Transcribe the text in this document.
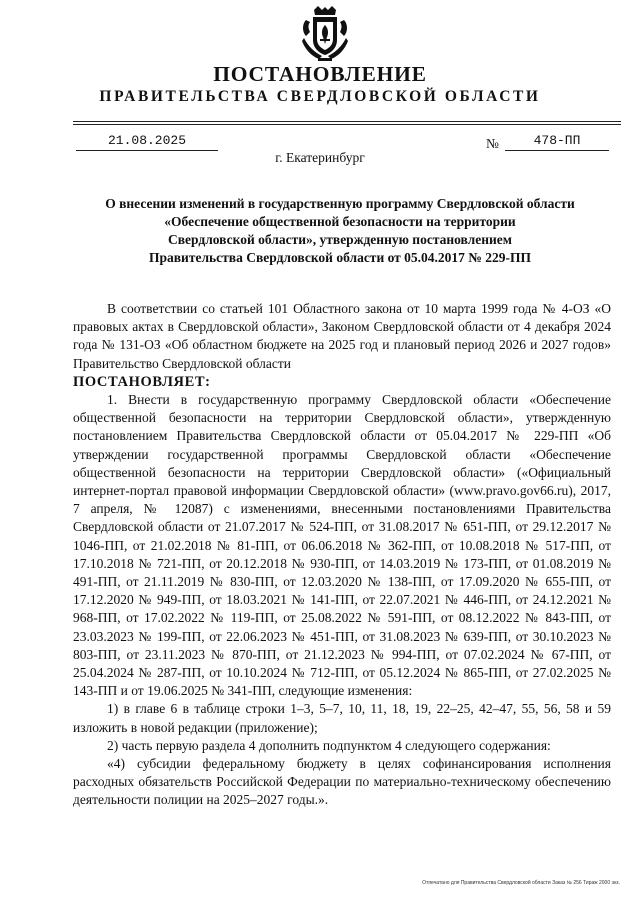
ПОСТАНОВЛЕНИЕ
ПРАВИТЕЛЬСТВА СВЕРДЛОВСКОЙ ОБЛАСТИ
21.08.2025	№	478-ПП
г. Екатеринбург
О внесении изменений в государственную программу Свердловской области
«Обеспечение общественной безопасности на территории
Свердловской области», утвержденную постановлением
Правительства Свердловской области от 05.04.2017 № 229-ПП

В соответствии со статьей 101 Областного закона от 10 марта 1999 года № 4-ОЗ «О правовых актах в Свердловской области», Законом Свердловской области от 4 декабря 2024 года № 131-ОЗ «Об областном бюджете на 2025 год и плановый период 2026 и 2027 годов» Правительство Свердловской области

ПОСТАНОВЛЯЕТ:

1. Внести в государственную программу Свердловской области «Обеспечение общественной безопасности на территории Свердловской области», утвержденную постановлением Правительства Свердловской области от 05.04.2017 № 229-ПП «Об утверждении государственной программы Свердловской области «Обеспечение общественной безопасности на территории Свердловской области» («Официальный интернет-портал правовой информации Свердловской области» (www.pravo.gov66.ru), 2017, 7 апреля, № 12087) с изменениями, внесенными постановлениями Правительства Свердловской области от 21.07.2017 № 524-ПП, от 31.08.2017 № 651-ПП, от 29.12.2017 № 1046-ПП, от 21.02.2018 № 81-ПП, от 06.06.2018 № 362-ПП, от 10.08.2018 № 517-ПП, от 17.10.2018 № 721-ПП, от 20.12.2018 № 930-ПП, от 14.03.2019 № 173-ПП, от 01.08.2019 № 491-ПП, от 21.11.2019 № 830-ПП, от 12.03.2020 № 138-ПП, от 17.09.2020 № 655-ПП, от 17.12.2020 № 949-ПП, от 18.03.2021 № 141-ПП, от 22.07.2021 № 446-ПП, от 24.12.2021 № 968-ПП, от 17.02.2022 № 119-ПП, от 25.08.2022 № 591-ПП, от 08.12.2022 № 843-ПП, от 23.03.2023 № 199-ПП, от 22.06.2023 № 451-ПП, от 31.08.2023 № 639-ПП, от 30.10.2023 № 803-ПП, от 23.11.2023 № 870-ПП, от 21.12.2023 № 994-ПП, от 07.02.2024 № 67-ПП, от 25.04.2024 № 287-ПП, от 10.10.2024 № 712-ПП, от 05.12.2024 № 865-ПП, от 27.02.2025 № 143-ПП и от 19.06.2025 № 341-ПП, следующие изменения:

1) в главе 6 в таблице строки 1–3, 5–7, 10, 11, 18, 19, 22–25, 42–47, 55, 56, 58 и 59 изложить в новой редакции (приложение);

2) часть первую раздела 4 дополнить подпунктом 4 следующего содержания:

«4) субсидии федеральному бюджету в целях софинансирования исполнения расходных обязательств Российской Федерации по материально-техническому обеспечению деятельности полиции на 2025–2027 годы.».

Отпечатано для Правительства Свердловской области Заказ № 256 Тираж 2000 экз.
